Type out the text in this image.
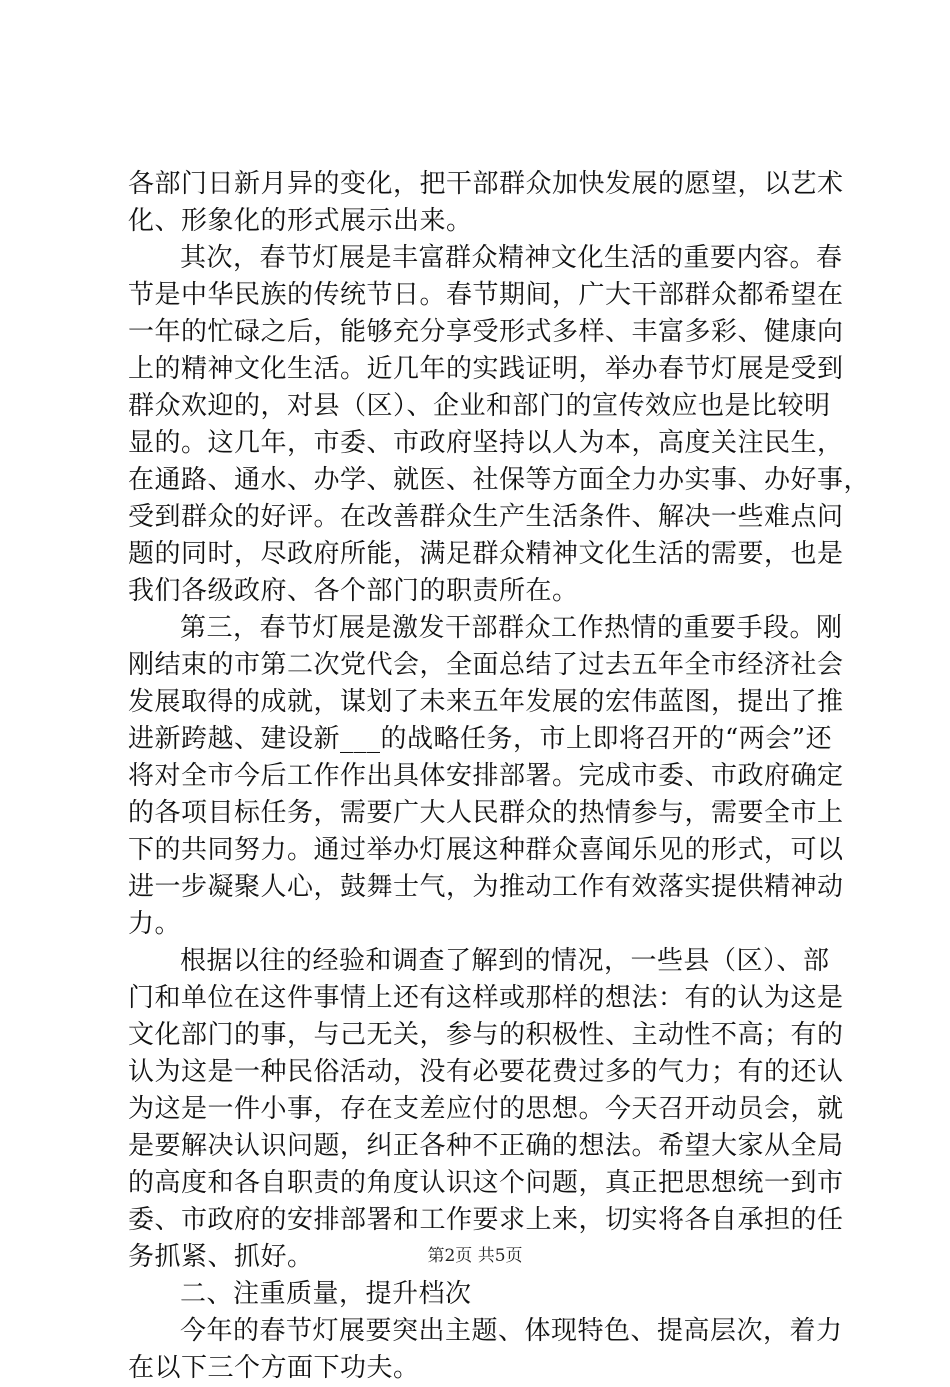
各部门日新月异的变化，把干部群众加快发展的愿望，以艺术
化、形象化的形式展示出来。
其次，春节灯展是丰富群众精神文化生活的重要内容。春
节是中华民族的传统节日。春节期间，广大干部群众都希望在
一年的忙碌之后，能够充分享受形式多样、丰富多彩、健康向
上的精神文化生活。近几年的实践证明，举办春节灯展是受到
群众欢迎的，对县（区）、企业和部门的宣传效应也是比较明
显的。这几年，市委、市政府坚持以人为本，高度关注民生，
在通路、通水、办学、就医、社保等方面全力办实事、办好事，
受到群众的好评。在改善群众生产生活条件、解决一些难点问
题的同时，尽政府所能，满足群众精神文化生活的需要，也是
我们各级政府、各个部门的职责所在。
第三，春节灯展是激发干部群众工作热情的重要手段。刚
刚结束的市第二次党代会，全面总结了过去五年全市经济社会
发展取得的成就，谋划了未来五年发展的宏伟蓝图，提出了推
进新跨越、建设新___的战略任务，市上即将召开的“两会”还
将对全市今后工作作出具体安排部署。完成市委、市政府确定
的各项目标任务，需要广大人民群众的热情参与，需要全市上
下的共同努力。通过举办灯展这种群众喜闻乐见的形式，可以
进一步凝聚人心，鼓舞士气，为推动工作有效落实提供精神动
力。
根据以往的经验和调查了解到的情况，一些县（区）、部
门和单位在这件事情上还有这样或那样的想法：有的认为这是
文化部门的事，与己无关，参与的积极性、主动性不高；有的
认为这是一种民俗活动，没有必要花费过多的气力；有的还认
为这是一件小事，存在支差应付的思想。今天召开动员会，就
是要解决认识问题，纠正各种不正确的想法。希望大家从全局
的高度和各自职责的角度认识这个问题，真正把思想统一到市
委、市政府的安排部署和工作要求上来，切实将各自承担的任
务抓紧、抓好。
二、注重质量，提升档次
今年的春节灯展要突出主题、体现特色、提高层次，着力
在以下三个方面下功夫。
第2页 共5页
